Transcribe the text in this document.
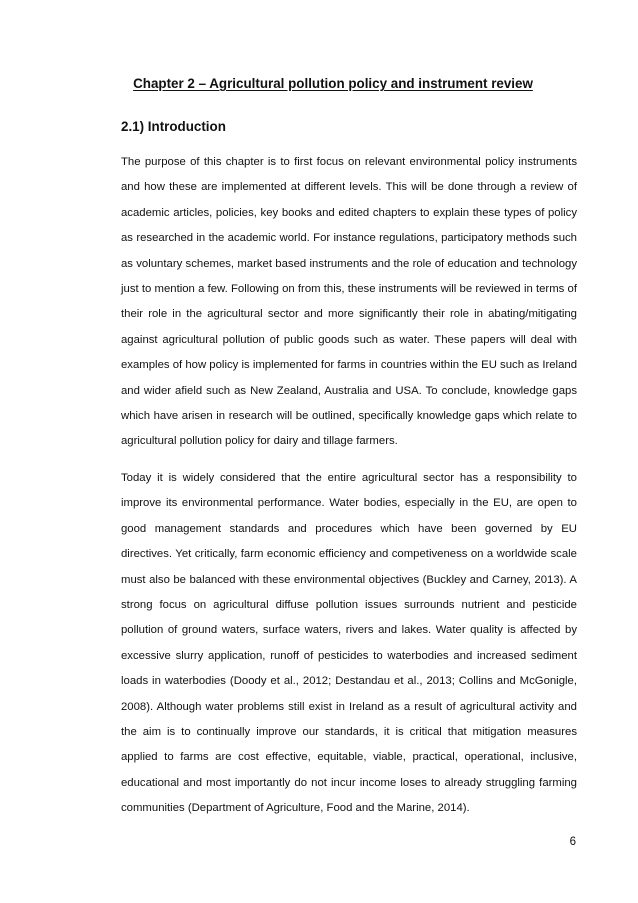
Chapter 2 – Agricultural pollution policy and instrument review
2.1) Introduction

The purpose of this chapter is to first focus on relevant environmental policy instruments and how these are implemented at different levels. This will be done through a review of academic articles, policies, key books and edited chapters to explain these types of policy as researched in the academic world. For instance regulations, participatory methods such as voluntary schemes, market based instruments and the role of education and technology just to mention a few. Following on from this, these instruments will be reviewed in terms of their role in the agricultural sector and more significantly their role in abating/mitigating against agricultural pollution of public goods such as water. These papers will deal with examples of how policy is implemented for farms in countries within the EU such as Ireland and wider afield such as New Zealand, Australia and USA. To conclude, knowledge gaps which have arisen in research will be outlined, specifically knowledge gaps which relate to agricultural pollution policy for dairy and tillage farmers.

Today it is widely considered that the entire agricultural sector has a responsibility to improve its environmental performance. Water bodies, especially in the EU, are open to good management standards and procedures which have been governed by EU directives. Yet critically, farm economic efficiency and competiveness on a worldwide scale must also be balanced with these environmental objectives (Buckley and Carney, 2013). A strong focus on agricultural diffuse pollution issues surrounds nutrient and pesticide pollution of ground waters, surface waters, rivers and lakes. Water quality is affected by excessive slurry application, runoff of pesticides to waterbodies and increased sediment loads in waterbodies (Doody et al., 2012; Destandau et al., 2013; Collins and McGonigle, 2008). Although water problems still exist in Ireland as a result of agricultural activity and the aim is to continually improve our standards, it is critical that mitigation measures applied to farms are cost effective, equitable, viable, practical, operational, inclusive, educational and most importantly do not incur income loses to already struggling farming communities (Department of Agriculture, Food and the Marine, 2014).

6
